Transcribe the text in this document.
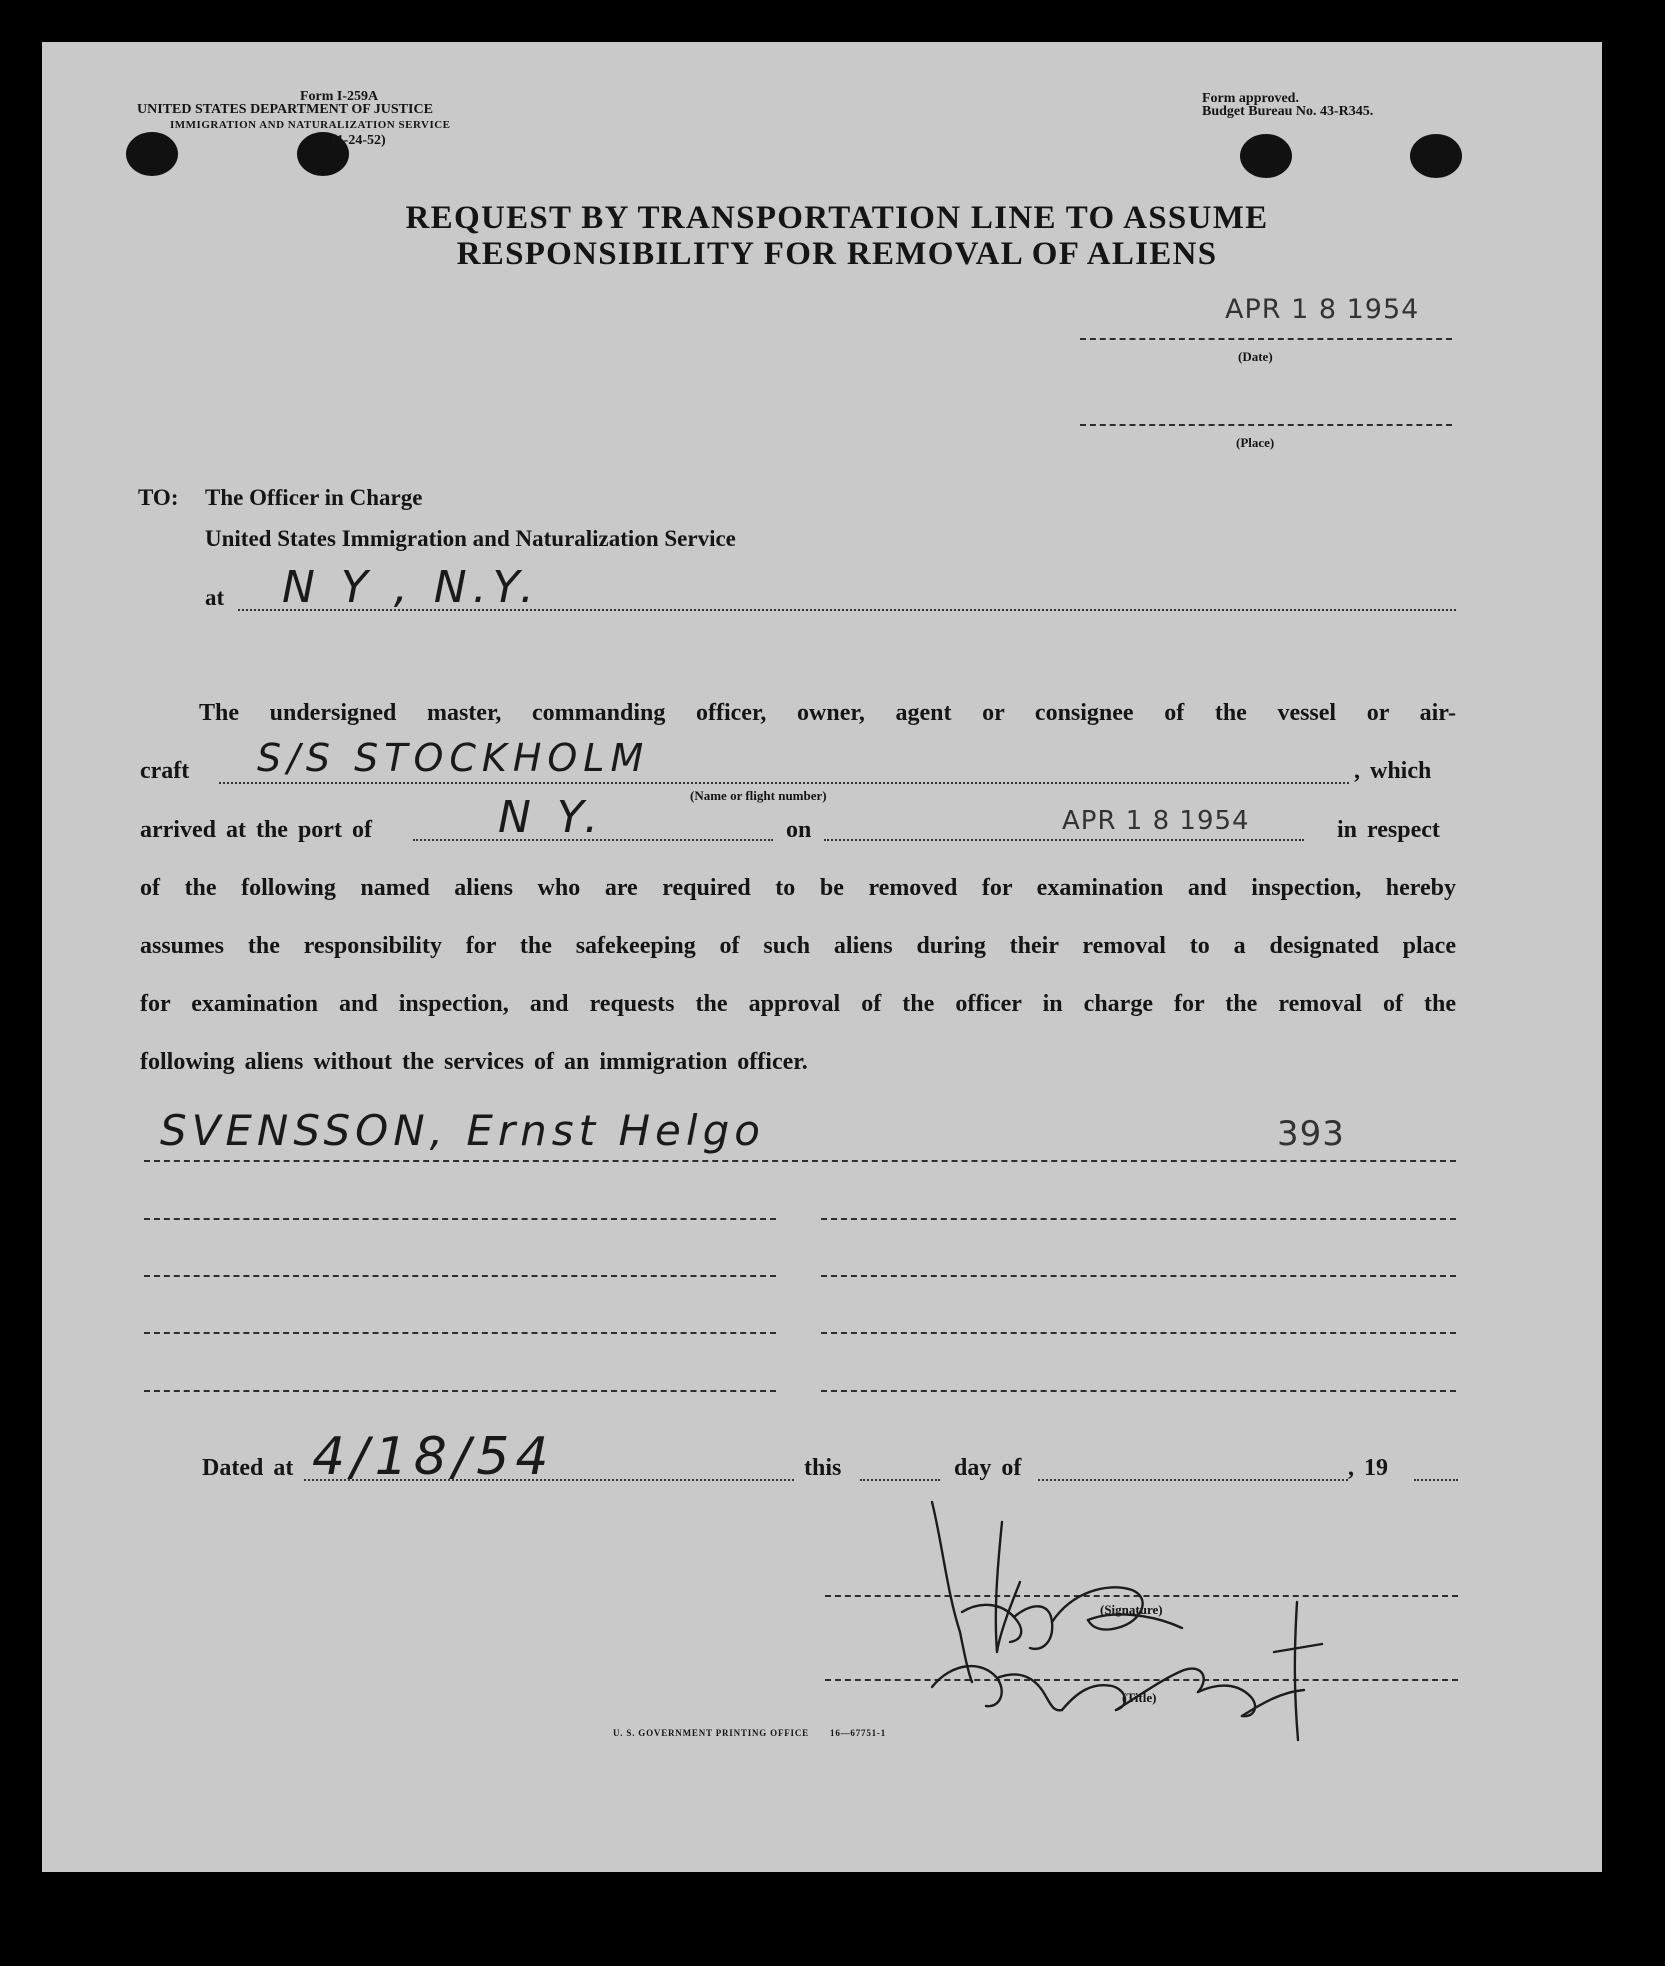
Form I-259A
UNITED STATES DEPARTMENT OF JUSTICE
IMMIGRATION AND NATURALIZATION SERVICE
(1-24-52)
Form approved.
Budget Bureau No. 43-R345.
REQUEST BY TRANSPORTATION LINE TO ASSUME
RESPONSIBILITY FOR REMOVAL OF ALIENS
APR 1 8 1954
(Date)
(Place)
TO: The Officer in Charge
United States Immigration and Naturalization Service
at N Y , N.Y.
The undersigned master, commanding officer, owner, agent or consignee of the vessel or air-
craft S/S STOCKHOLM
(Name or flight number)
, which
arrived at the port of	N Y.	on	APR 1 8 1954	in respect
of the following named aliens who are required to be removed for examination and inspection, hereby
assumes the responsibility for the safekeeping of such aliens during their removal to a designated place
for examination and inspection, and requests the approval of the officer in charge for the removal of the
following aliens without the services of an immigration officer.
SVENSSON, Ernst Helgo	393
Dated at 4/18/54	this	day of	, 19
(Signature)
(Title)
U. S. GOVERNMENT PRINTING OFFICE 16—67751-1
